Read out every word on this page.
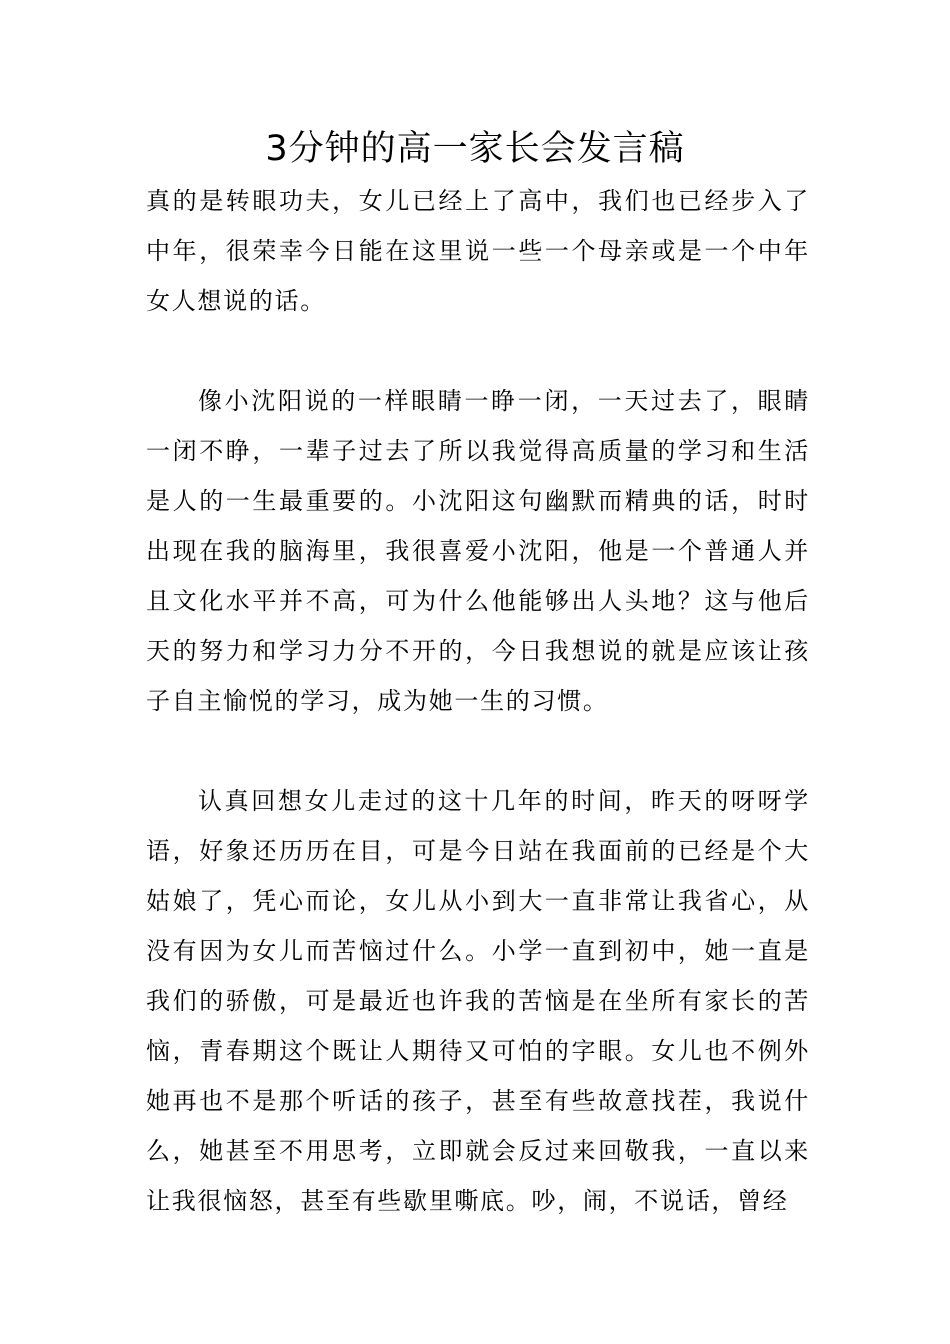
3分钟的高一家长会发言稿

真的是转眼功夫，女儿已经上了高中，我们也已经步入了中年，很荣幸今日能在这里说一些一个母亲或是一个中年女人想说的话。

像小沈阳说的一样眼睛一睁一闭，一天过去了，眼睛一闭不睁，一辈子过去了所以我觉得高质量的学习和生活是人的一生最重要的。小沈阳这句幽默而精典的话，时时出现在我的脑海里，我很喜爱小沈阳，他是一个普通人并且文化水平并不高，可为什么他能够出人头地？这与他后天的努力和学习力分不开的，今日我想说的就是应该让孩子自主愉悦的学习，成为她一生的习惯。

认真回想女儿走过的这十几年的时间，昨天的呀呀学语，好象还历历在目，可是今日站在我面前的已经是个大姑娘了，凭心而论，女儿从小到大一直非常让我省心，从没有因为女儿而苦恼过什么。小学一直到初中，她一直是我们的骄傲，可是最近也许我的苦恼是在坐所有家长的苦恼，青春期这个既让人期待又可怕的字眼。女儿也不例外她再也不是那个听话的孩子，甚至有些故意找茬，我说什么，她甚至不用思考，立即就会反过来回敬我，一直以来让我很恼怒，甚至有些歇里嘶底。吵，闹，不说话，曾经
